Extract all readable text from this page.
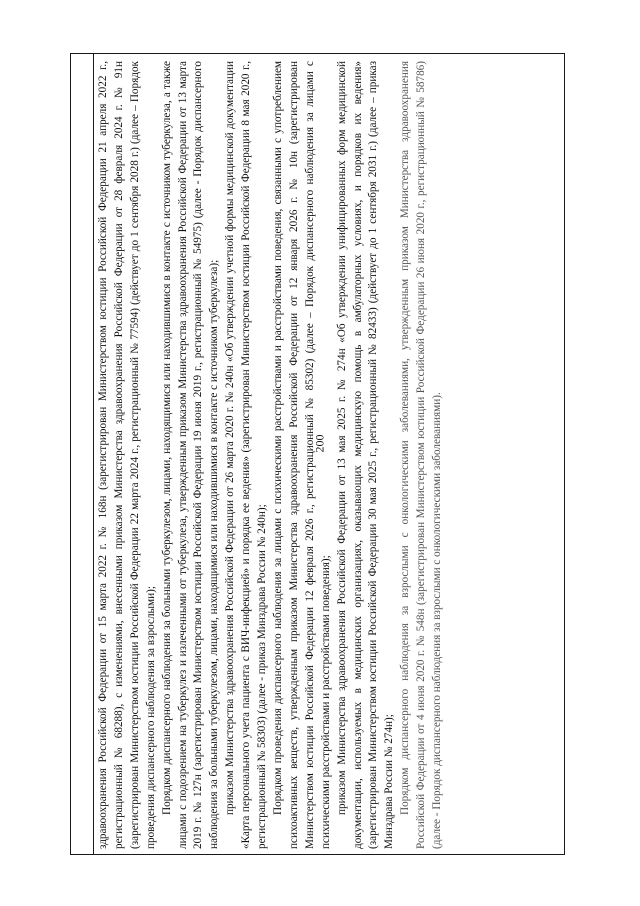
200

здравоохранения Российской Федерации от 15 марта 2022 г. № 168н (зарегистрирован Министерством юстиции Российской Федерации 21 апреля 2022 г., регистрационный № 68288), с изменениями, внесенными приказом Министерства здравоохранения Российской Федерации от 28 февраля 2024 г. № 91н (зарегистрирован Министерством юстиции Российской Федерации 22 марта 2024 г., регистрационный № 77594) (действует до 1 сентября 2028 г.) (далее – Порядок проведения диспансерного наблюдения за взрослыми); Порядком диспансерного наблюдения за больными туберкулезом, лицами, находящимися или находившимися в контакте с источником туберкулеза, а также лицами с подозрением на туберкулез и излеченными от туберкулеза, утвержденным приказом Министерства здравоохранения Российской Федерации от 13 марта 2019 г. № 127н (зарегистрирован Министерством юстиции Российской Федерации 19 июня 2019 г., регистрационный № 54975) (далее - Порядок диспансерного наблюдения за больными туберкулезом, лицами, находящимися или находившимися в контакте с источником туберкулеза); приказом Министерства здравоохранения Российской Федерации от 26 марта 2020 г. № 240н «Об утверждении учетной формы медицинской документации «Карта персонального учета пациента с ВИЧ-инфекцией» и порядка ее ведения» (зарегистрирован Министерством юстиции Российской Федерации 8 мая 2020 г., регистрационный № 58303) (далее - приказ Минздрава России № 240н); Порядком проведения диспансерного наблюдения за лицами с психическими расстройствами и расстройствами поведения, связанными с употреблением психоактивных веществ, утвержденным приказом Министерства здравоохранения Российской Федерации от 12 января 2026 г. № 10н (зарегистрирован Министерством юстиции Российской Федерации 12 февраля 2026 г., регистрационный № 85302) (далее – Порядок диспансерного наблюдения за лицами с психическими расстройствами и расстройствами поведения); приказом Министерства здравоохранения Российской Федерации от 13 мая 2025 г. № 274н «Об утверждении унифицированных форм медицинской документации, используемых в медицинских организациях, оказывающих медицинскую помощь в амбулаторных условиях, и порядков их ведения» (зарегистрирован Министерством юстиции Российской Федерации 30 мая 2025 г., регистрационный № 82433) (действует до 1 сентября 2031 г.) (далее – приказ Минздрава России № 274н); Порядком диспансерного наблюдения за взрослыми с онкологическими заболеваниями, утвержденным приказом Министерства здравоохранения Российской Федерации от 4 июня 2020 г. № 548н (зарегистрирован Министерством юстиции Российской Федерации 26 июня 2020 г., регистрационный № 58786) (далее - Порядок диспансерного наблюдения за взрослыми с онкологическими заболеваниями).
